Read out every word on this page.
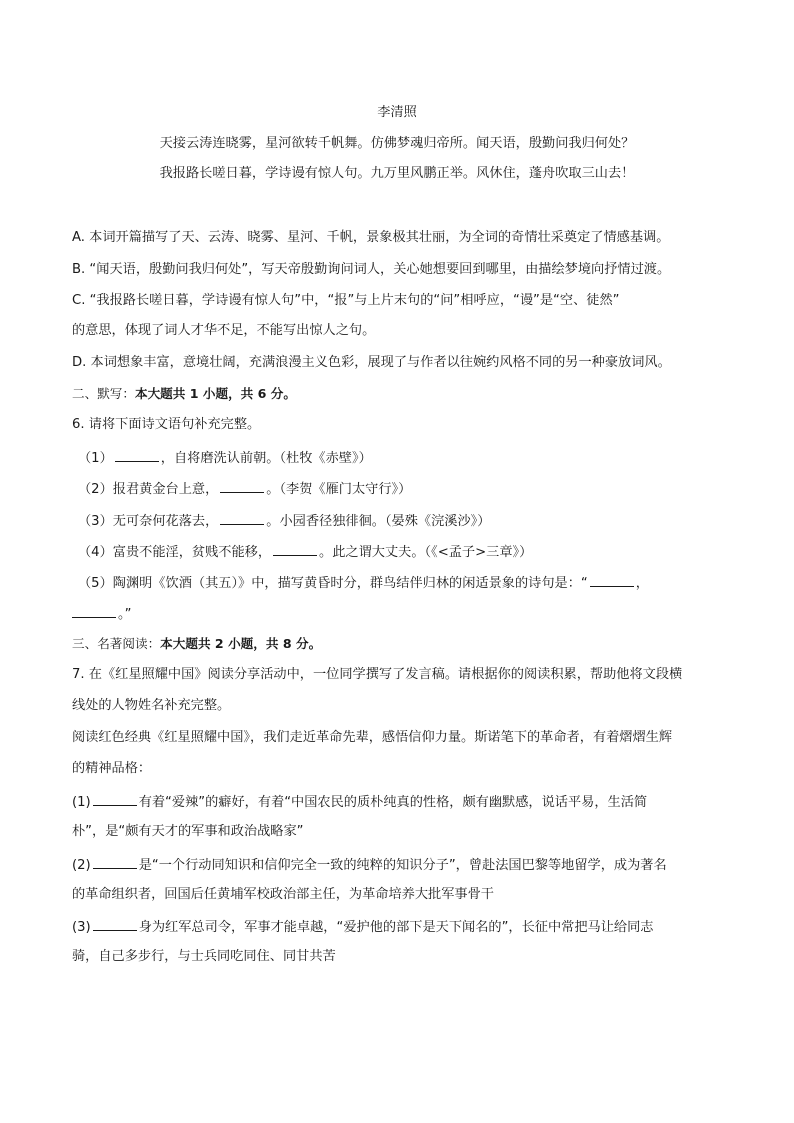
李清照
天接云涛连晓雾，星河欲转千帆舞。仿佛梦魂归帝所。闻天语，殷勤问我归何处？
我报路长嗟日暮，学诗谩有惊人句。九万里风鹏正举。风休住，蓬舟吹取三山去！
A. 本词开篇描写了天、云涛、晓雾、星河、千帆，景象极其壮丽，为全词的奇情壮采奠定了情感基调。
B. “闻天语，殷勤问我归何处”，写天帝殷勤询问词人，关心她想要回到哪里，由描绘梦境向抒情过渡。
C. “我报路长嗟日暮，学诗谩有惊人句”中，“报”与上片末句的“问”相呼应，“谩”是“空、徒然”
的意思，体现了词人才华不足，不能写出惊人之句。
D. 本词想象丰富，意境壮阔，充满浪漫主义色彩，展现了与作者以往婉约风格不同的另一种豪放词风。
二、默写：本大题共 1 小题，共 6 分。
6. 请将下面诗文语句补充完整。
（1）	，自将磨洗认前朝。（杜牧《赤壁》）
（2）报君黄金台上意，	。（李贺《雁门太守行》）
（3）无可奈何花落去，	。小园香径独徘徊。（晏殊《浣溪沙》）
（4）富贵不能淫，贫贱不能移，	。此之谓大丈夫。（《<孟子>三章》）
（5）陶渊明《饮酒（其五）》中，描写黄昏时分，群鸟结伴归林的闲适景象的诗句是：“	，
。”
三、名著阅读：本大题共 2 小题，共 8 分。
7. 在《红星照耀中国》阅读分享活动中，一位同学撰写了发言稿。请根据你的阅读积累，帮助他将文段横
线处的人物姓名补充完整。
阅读红色经典《红星照耀中国》，我们走近革命先辈，感悟信仰力量。斯诺笔下的革命者，有着熠熠生辉
的精神品格：
(1)	有着“爱辣”的癖好，有着“中国农民的质朴纯真的性格，颇有幽默感，说话平易，生活简
朴”，是“颇有天才的军事和政治战略家”
(2)	是“一个行动同知识和信仰完全一致的纯粹的知识分子”，曾赴法国巴黎等地留学，成为著名
的革命组织者，回国后任黄埔军校政治部主任，为革命培养大批军事骨干
(3)	身为红军总司令，军事才能卓越，“爱护他的部下是天下闻名的”，长征中常把马让给同志
骑，自己多步行，与士兵同吃同住、同甘共苦
